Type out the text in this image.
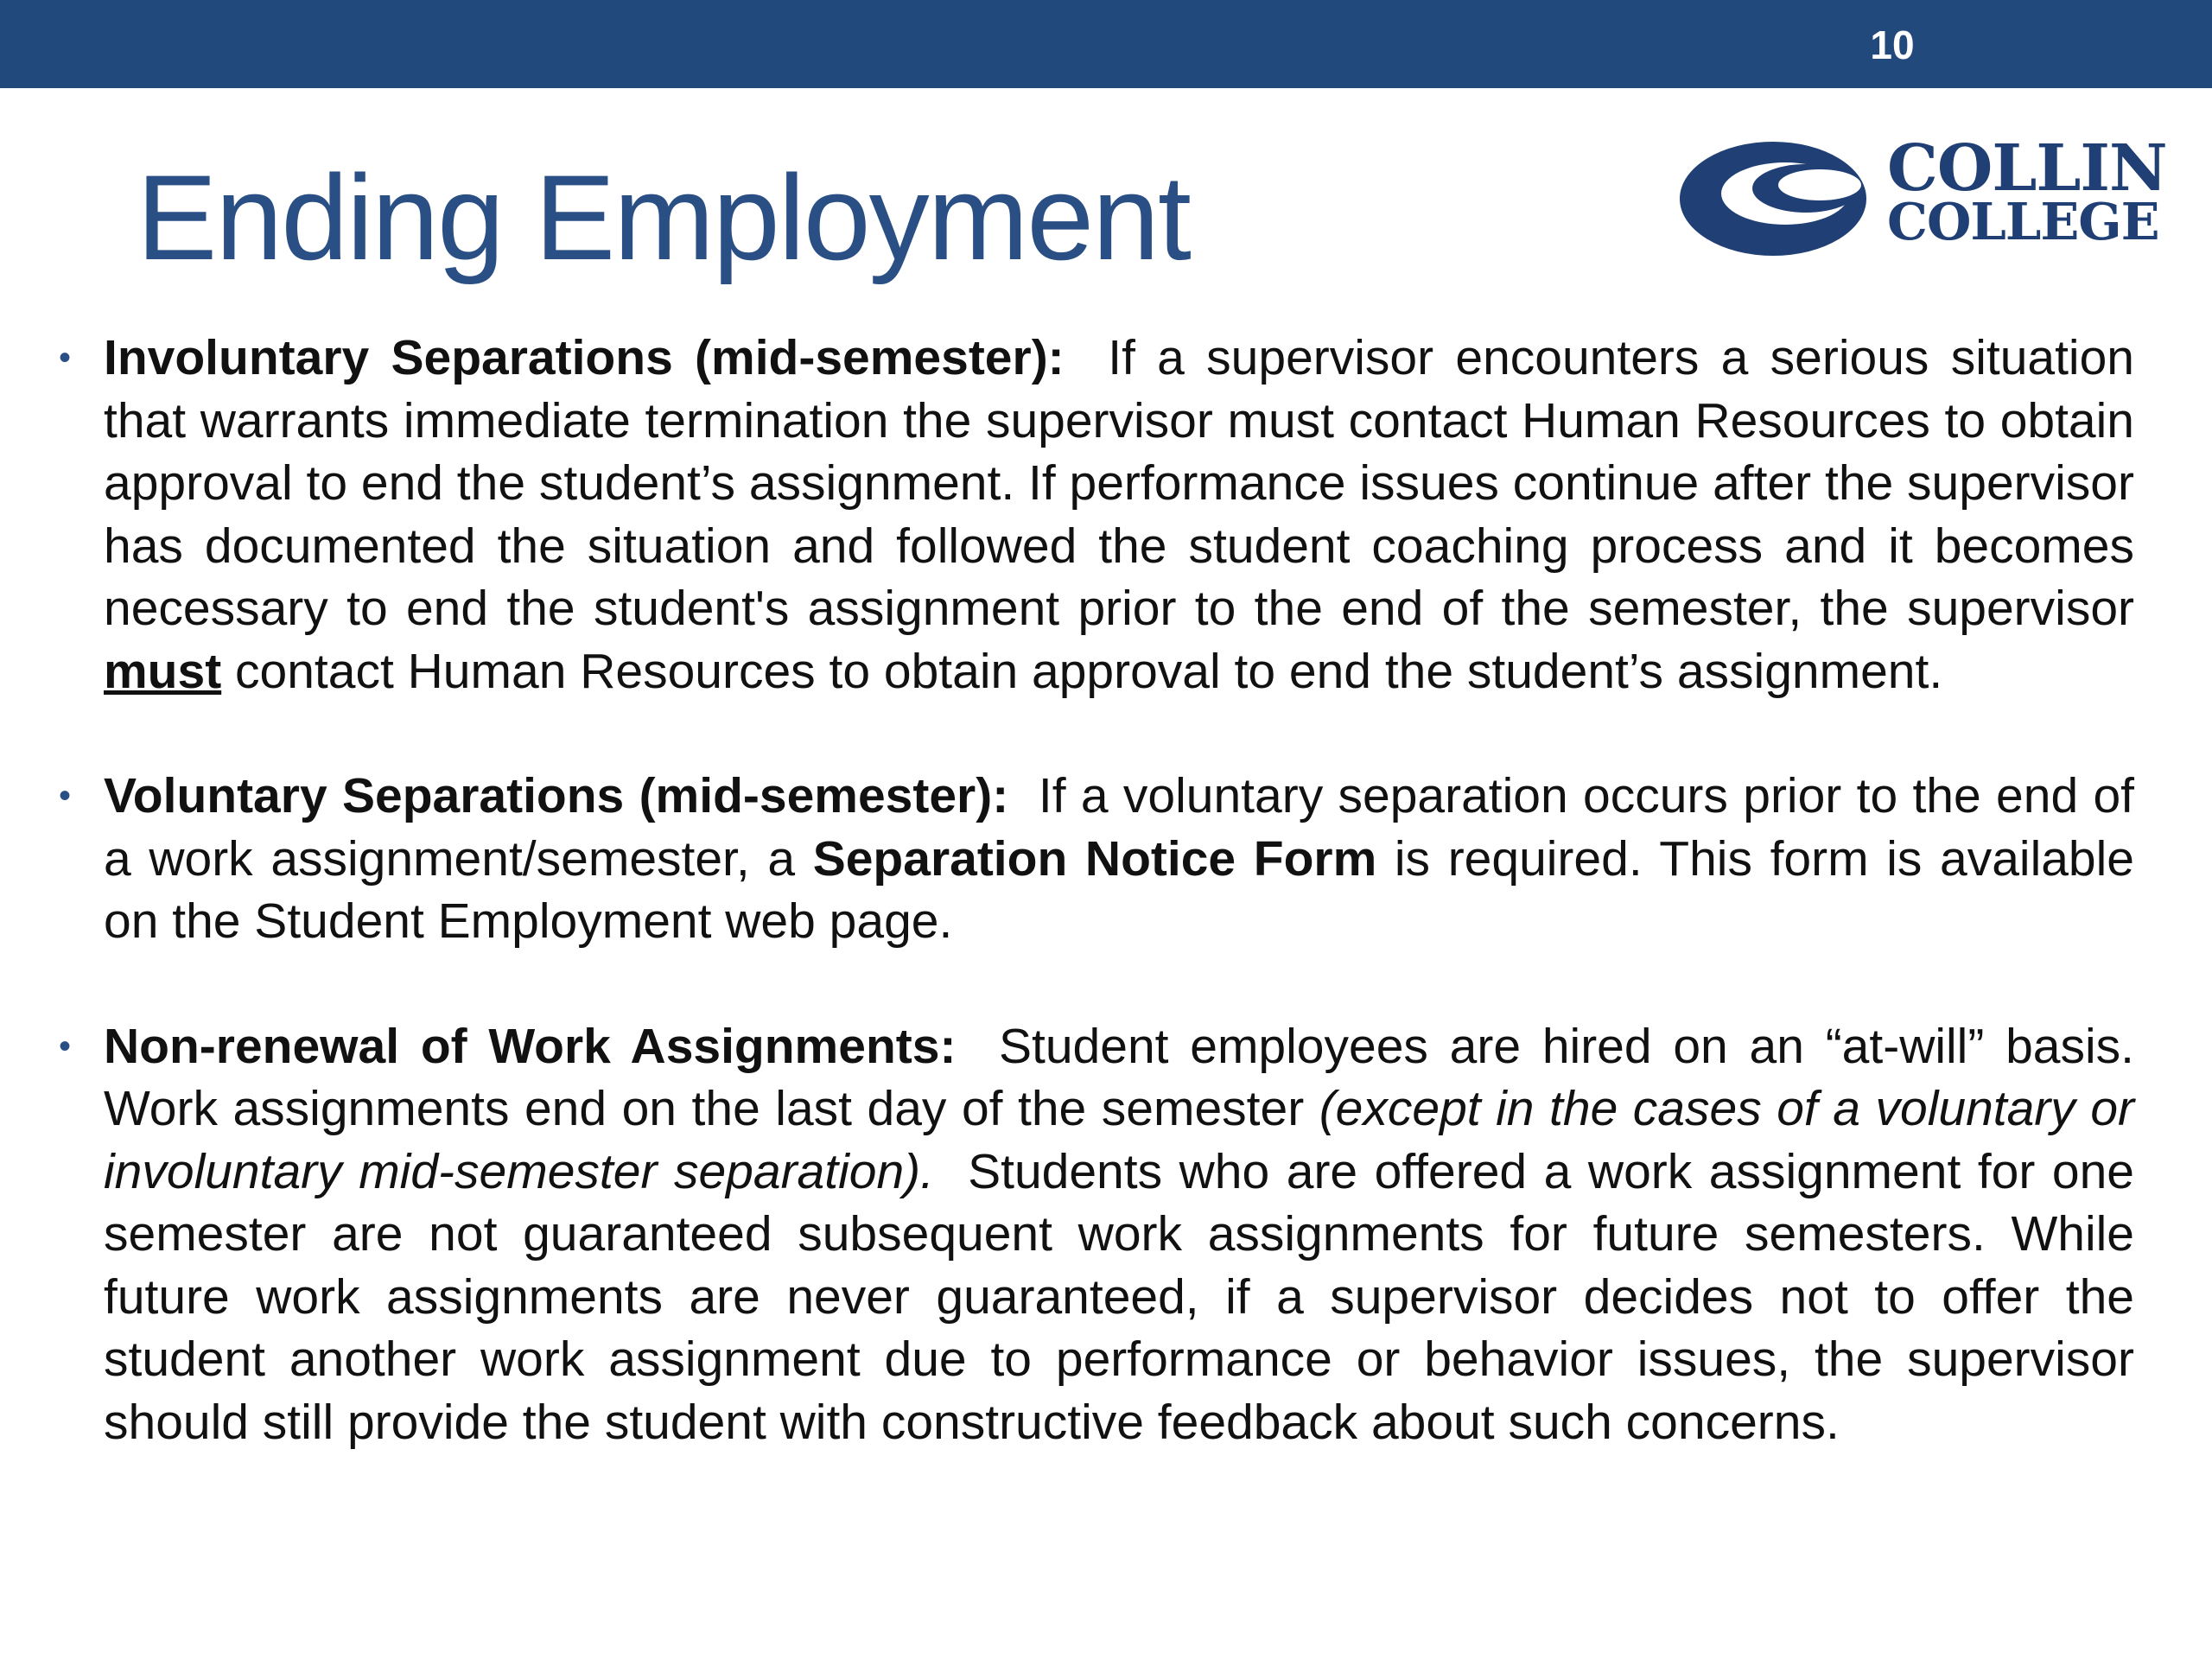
10
Ending Employment	COLLIN
COLLEGE
• Involuntary Separations (mid-semester): If a supervisor encounters a serious situation that warrants immediate termination the supervisor must contact Human Resources to obtain approval to end the student’s assignment. If performance issues continue after the supervisor has documented the situation and followed the student coaching process and it becomes necessary to end the student's assignment prior to the end of the semester, the supervisor must contact Human Resources to obtain approval to end the student’s assignment.
• Voluntary Separations (mid-semester): If a voluntary separation occurs prior to the end of a work assignment/semester, a Separation Notice Form is required. This form is available on the Student Employment web page.
• Non-renewal of Work Assignments: Student employees are hired on an “at-will” basis. Work assignments end on the last day of the semester (except in the cases of a voluntary or involuntary mid-semester separation). Students who are offered a work assignment for one semester are not guaranteed subsequent work assignments for future semesters. While future work assignments are never guaranteed, if a supervisor decides not to offer the student another work assignment due to performance or behavior issues, the supervisor should still provide the student with constructive feedback about such concerns.
